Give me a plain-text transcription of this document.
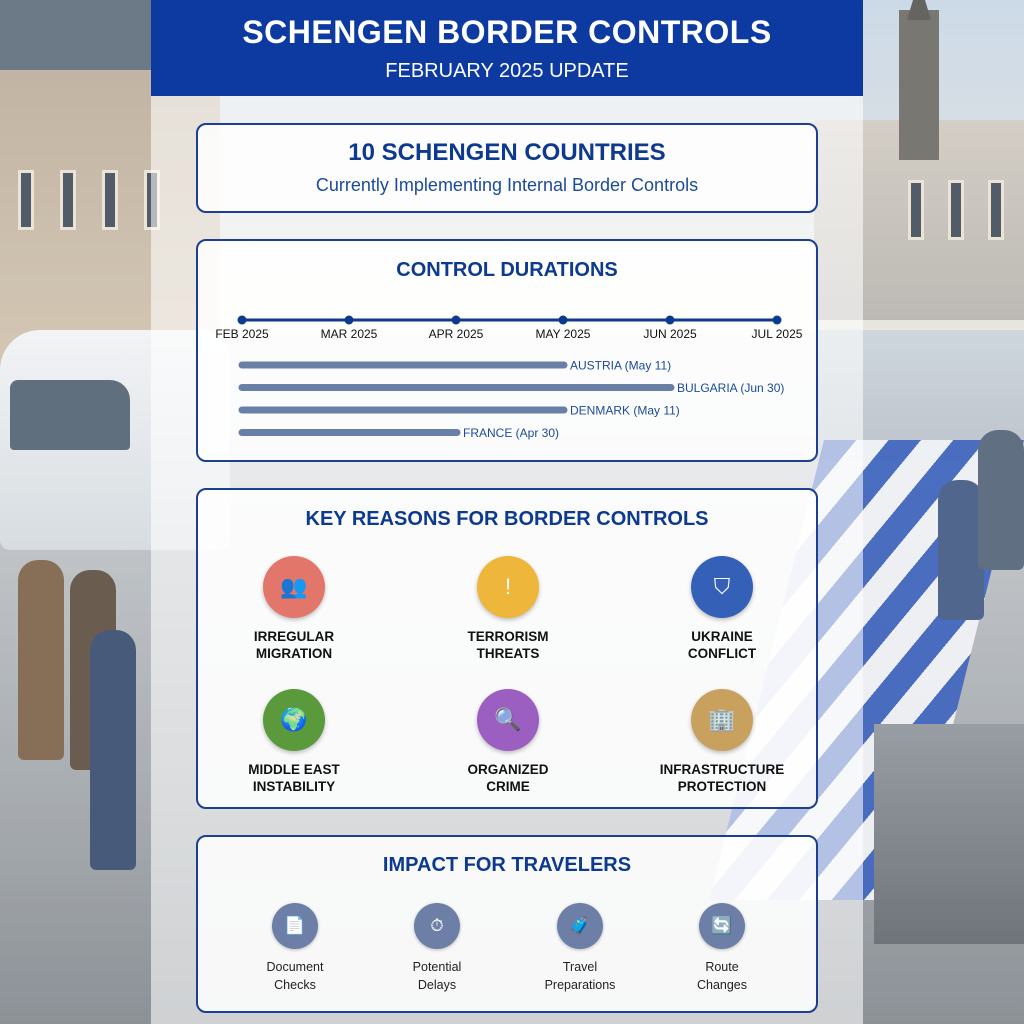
SCHENGEN BORDER CONTROLS
FEBRUARY 2025 UPDATE
10 SCHENGEN COUNTRIES
Currently Implementing Internal Border Controls
CONTROL DURATIONS
FEB 2025	MAR 2025	APR 2025	MAY 2025	JUN 2025	JUL 2025
AUSTRIA (May 11)
BULGARIA (Jun 30)
DENMARK (May 11)
FRANCE (Apr 30)
KEY REASONS FOR BORDER CONTROLS
👥
IRREGULAR
MIGRATION
!
TERRORISM
THREATS
⛉
UKRAINE
CONFLICT
🌍
MIDDLE EAST
INSTABILITY
🔍
ORGANIZED
CRIME
🏢
INFRASTRUCTURE
PROTECTION
IMPACT FOR TRAVELERS
📄
Document
Checks
⏱
Potential
Delays
🧳
Travel
Preparations
🔄
Route
Changes
